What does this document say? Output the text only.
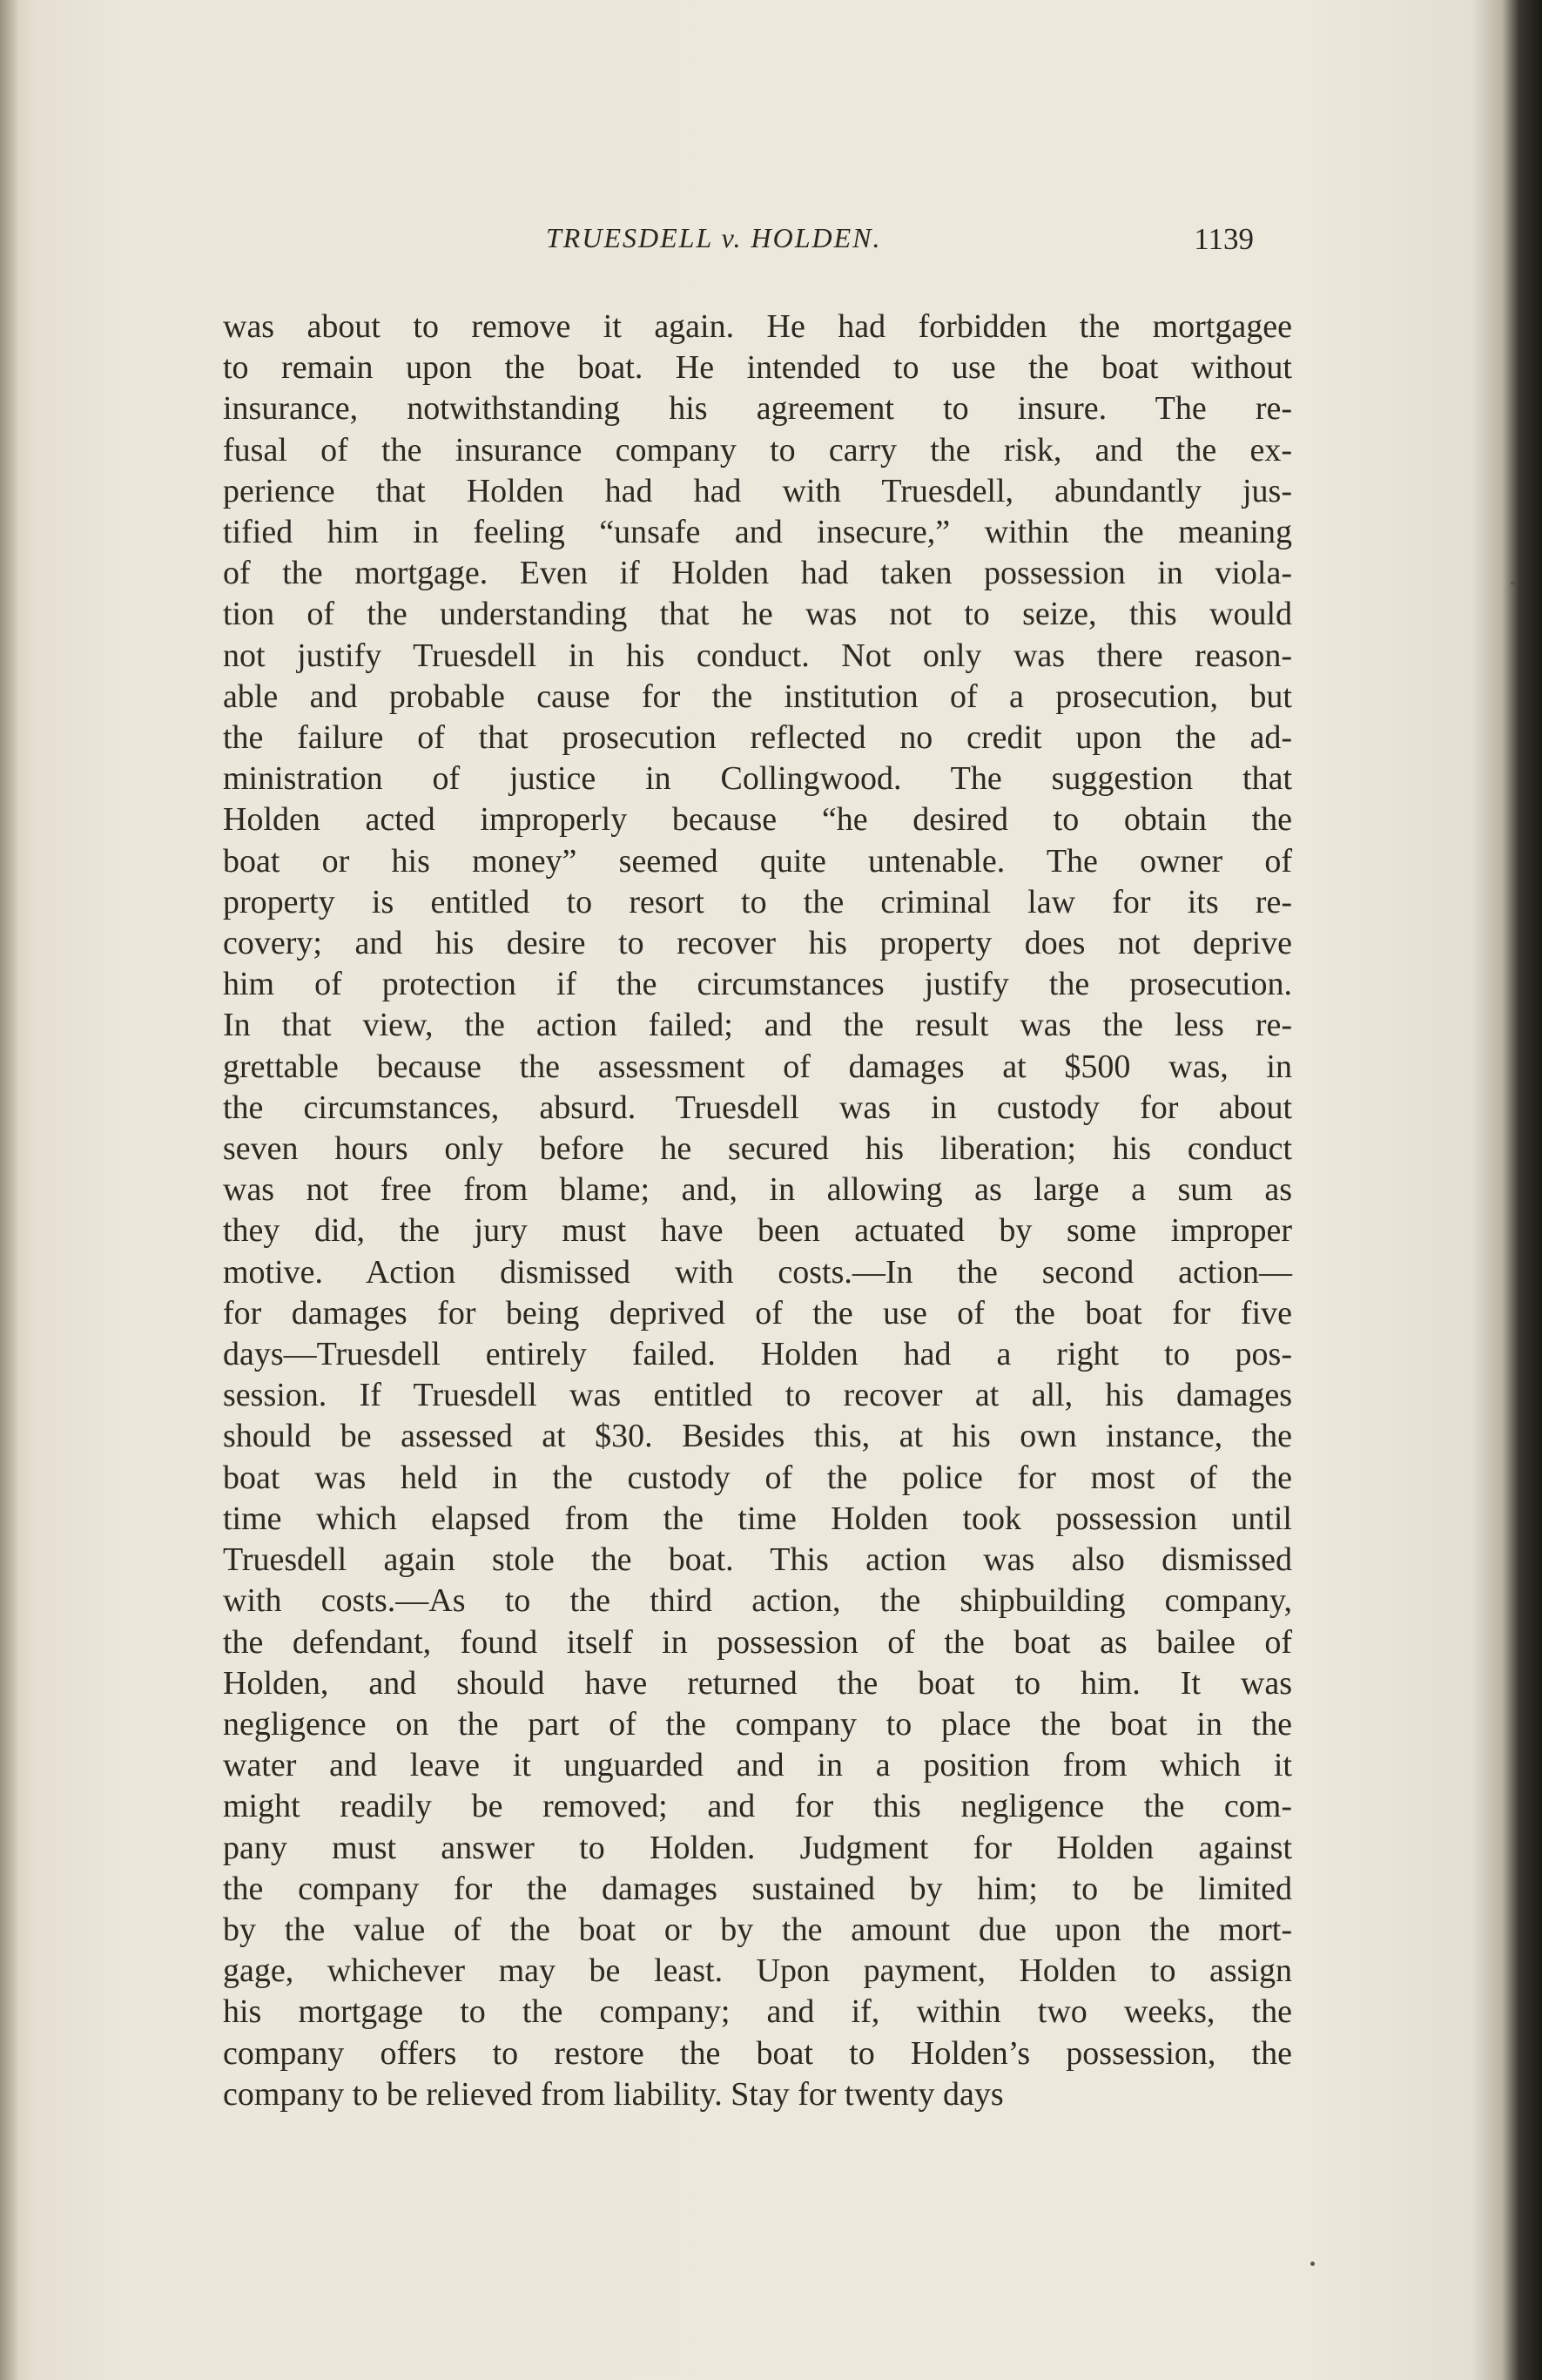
TRUESDELL v. HOLDEN.	1139
was about to remove it again. He had forbidden the mortgagee
to remain upon the boat. He intended to use the boat without
insurance, notwithstanding his agreement to insure. The re-
fusal of the insurance company to carry the risk, and the ex-
perience that Holden had had with Truesdell, abundantly jus-
tified him in feeling “unsafe and insecure,” within the meaning
of the mortgage. Even if Holden had taken possession in viola-
tion of the understanding that he was not to seize, this would
not justify Truesdell in his conduct. Not only was there reason-
able and probable cause for the institution of a prosecution, but
the failure of that prosecution reflected no credit upon the ad-
ministration of justice in Collingwood. The suggestion that
Holden acted improperly because “he desired to obtain the
boat or his money” seemed quite untenable. The owner of
property is entitled to resort to the criminal law for its re-
covery; and his desire to recover his property does not deprive
him of protection if the circumstances justify the prosecution.
In that view, the action failed; and the result was the less re-
grettable because the assessment of damages at $500 was, in
the circumstances, absurd. Truesdell was in custody for about
seven hours only before he secured his liberation; his conduct
was not free from blame; and, in allowing as large a sum as
they did, the jury must have been actuated by some improper
motive. Action dismissed with costs.—In the second action—
for damages for being deprived of the use of the boat for five
days—Truesdell entirely failed. Holden had a right to pos-
session. If Truesdell was entitled to recover at all, his damages
should be assessed at $30. Besides this, at his own instance, the
boat was held in the custody of the police for most of the
time which elapsed from the time Holden took possession until
Truesdell again stole the boat. This action was also dismissed
with costs.—As to the third action, the shipbuilding company,
the defendant, found itself in possession of the boat as bailee of
Holden, and should have returned the boat to him. It was
negligence on the part of the company to place the boat in the
water and leave it unguarded and in a position from which it
might readily be removed; and for this negligence the com-
pany must answer to Holden. Judgment for Holden against
the company for the damages sustained by him; to be limited
by the value of the boat or by the amount due upon the mort-
gage, whichever may be least. Upon payment, Holden to assign
his mortgage to the company; and if, within two weeks, the
company offers to restore the boat to Holden’s possession, the
company to be relieved from liability. Stay for twenty days
